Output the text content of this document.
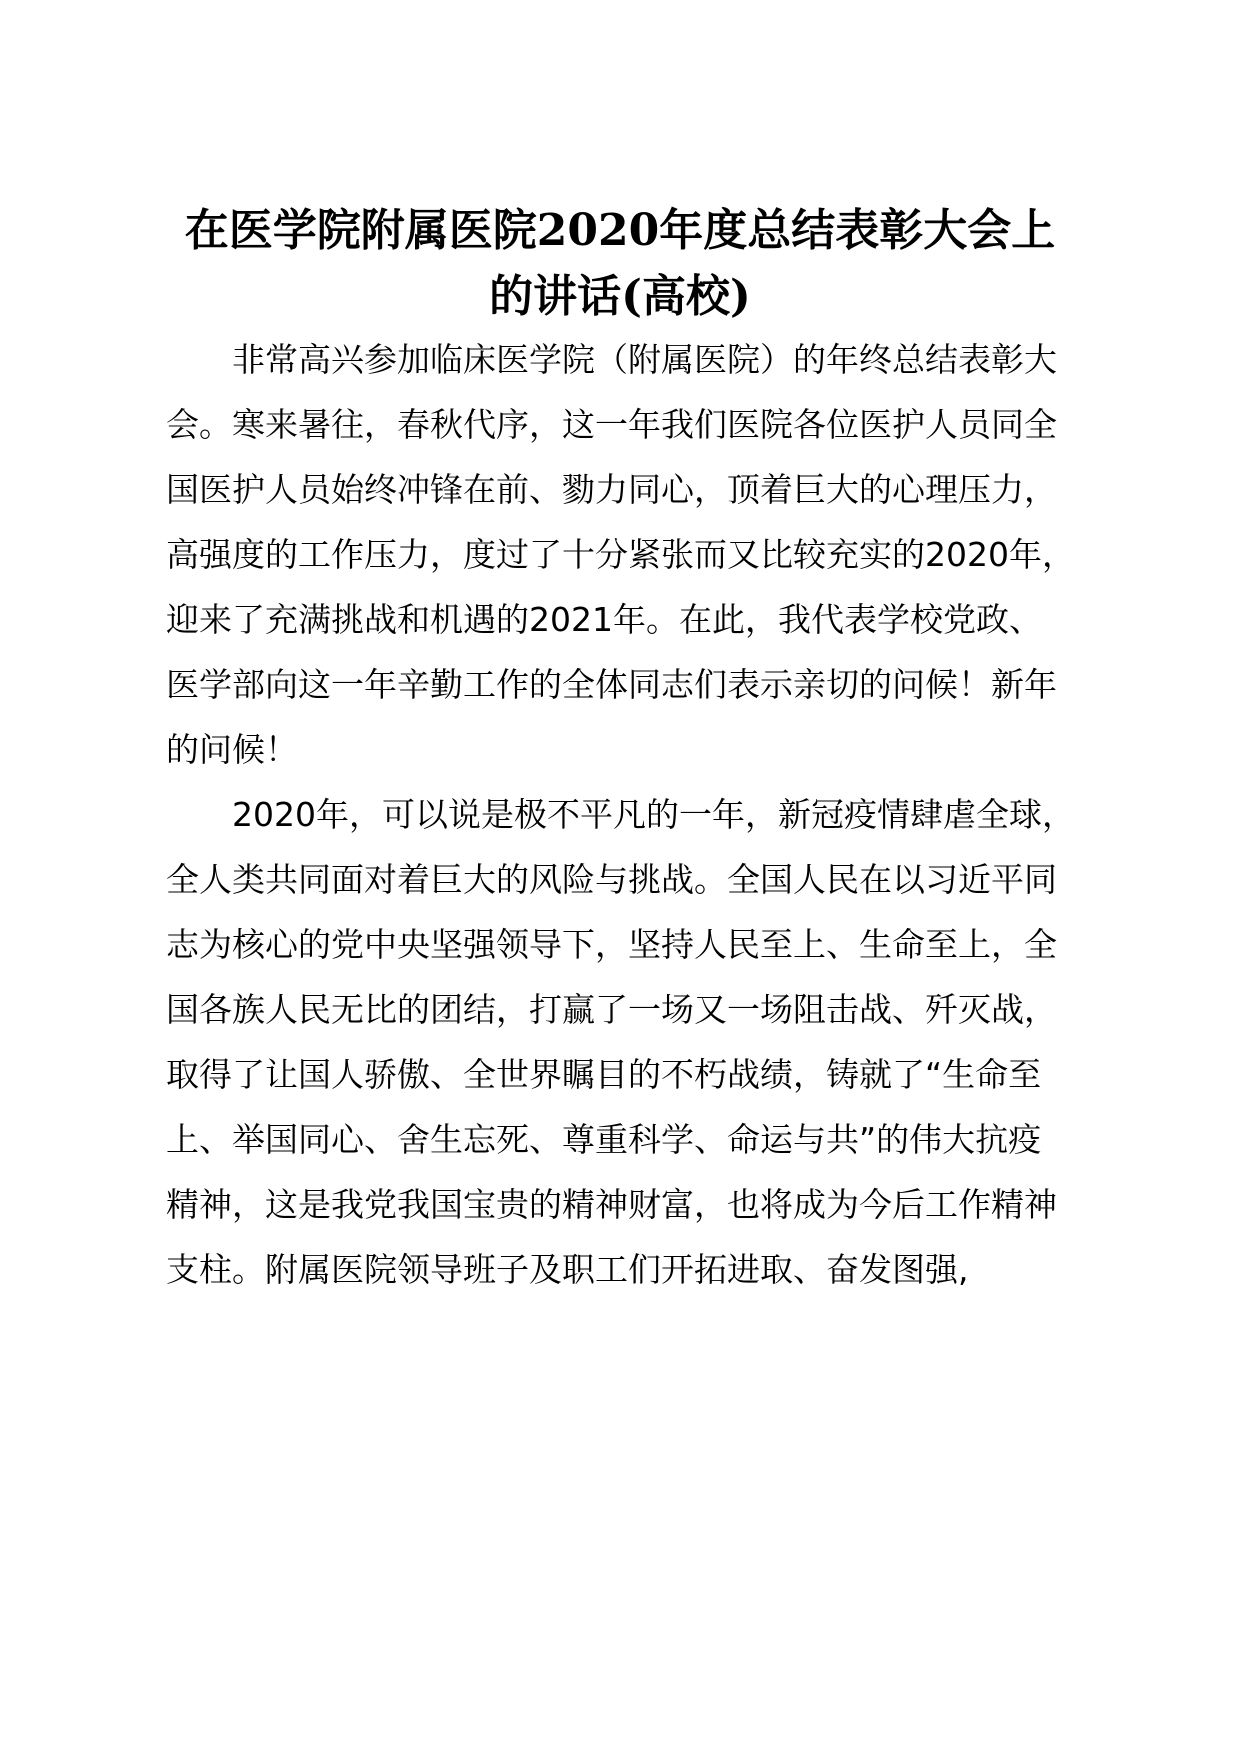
在医学院附属医院2020年度总结表彰大会上
的讲话(高校)

非常高兴参加临床医学院（附属医院）的年终总结表彰大
会。寒来暑往，春秋代序，这一年我们医院各位医护人员同全
国医护人员始终冲锋在前、勠力同心，顶着巨大的心理压力，
高强度的工作压力，度过了十分紧张而又比较充实的2020年，
迎来了充满挑战和机遇的2021年。在此，我代表学校党政、
医学部向这一年辛勤工作的全体同志们表示亲切的问候！新年
的问候！

2020年，可以说是极不平凡的一年，新冠疫情肆虐全球，
全人类共同面对着巨大的风险与挑战。全国人民在以习近平同
志为核心的党中央坚强领导下，坚持人民至上、生命至上，全
国各族人民无比的团结，打赢了一场又一场阻击战、歼灭战，
取得了让国人骄傲、全世界瞩目的不朽战绩，铸就了“生命至
上、举国同心、舍生忘死、尊重科学、命运与共”的伟大抗疫
精神，这是我党我国宝贵的精神财富，也将成为今后工作精神
支柱。附属医院领导班子及职工们开拓进取、奋发图强,
